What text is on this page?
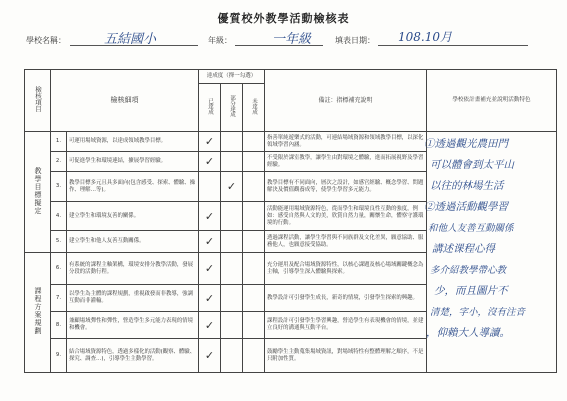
優質校外教學活動檢核表
學校名稱：	五結國小	年級：	一年級	填表日期： 108.10月
檢核項目	檢核細項		達成度（擇一勾選）			備註：指標補充說明	學校依計畫補充並說明活動特色
			已達成	部分達成	未達成		
教學目標擬定	1.	可運用場域資源，以達成領域教學目標。	✓			指善單純遊樂式的活動，可連結場域資源和領域教學目標，以深化領域學習內涵。	
	2.	可促進學生和環境連結，擴展學習經驗。	✓			不受限於課室教學，讓學生由對環境之體驗，進而拓展視野及學習經驗。	
	3.	教學目標多元且具多面向(包含感受、探索、體驗、操作、理解…等)。		✓		教學目標有不同面向，層次之設計，如感官經驗、概念學習、問題解決及價值觀養成等，使學生學習多元能力。	
	4.	建立學生和環境友善的關係。	✓			活動能運用場域資源特色，從而學生和環境良性互動的強度，例如：感受自然與人文的美，欣賞自然力量，關懷生命，體察守護環境的行動。	
	5.	建立學生和他人友善互動關係。	✓			透過課程活動，讓學生學習與不同族群及文化差異，願意協助、服務他人，也願意接受協助。	
課程方案規劃	6.	有系統的課程主軸架構，環境安排分教學活動，發展分段的活動行程。	✓			充分運用及配合場域資源特性，以核心課題及核心場域關鍵概念為主軸，引導學生深入體驗與探索。	
	7.	以學生為主體的課程規劃，重視啟發而非教導，強調互動而非灌輸。	✓			教學設計可引發學生成長，新奇的情境，引發學生探索的興趣。	
	8.	兼顧場域彈性和彈性，營造學生多元能力表現的情境和機會。	✓			課程設計可引發學生學習興趣，營造學生有表現機會的情境，並建立良好的溝通與互動平台。	
	9.	結合場域資源特色，透過多樣化的活動(觀察、體驗、探究、調查…)，引導學生主動學習。	✓			鼓勵學生主動蒐集場域資訊，對場域特性有整體理解之順序，不是只附加性質。	
①透過觀光農田門
可以體會到太平山
以往的林場生活
②透過活動觀學習
和他人友善互動關係
講述课程心得
多介紹教學帶心教
少，而且圖片不
清楚，字小，沒有注音
，仰賴大人導讀。
